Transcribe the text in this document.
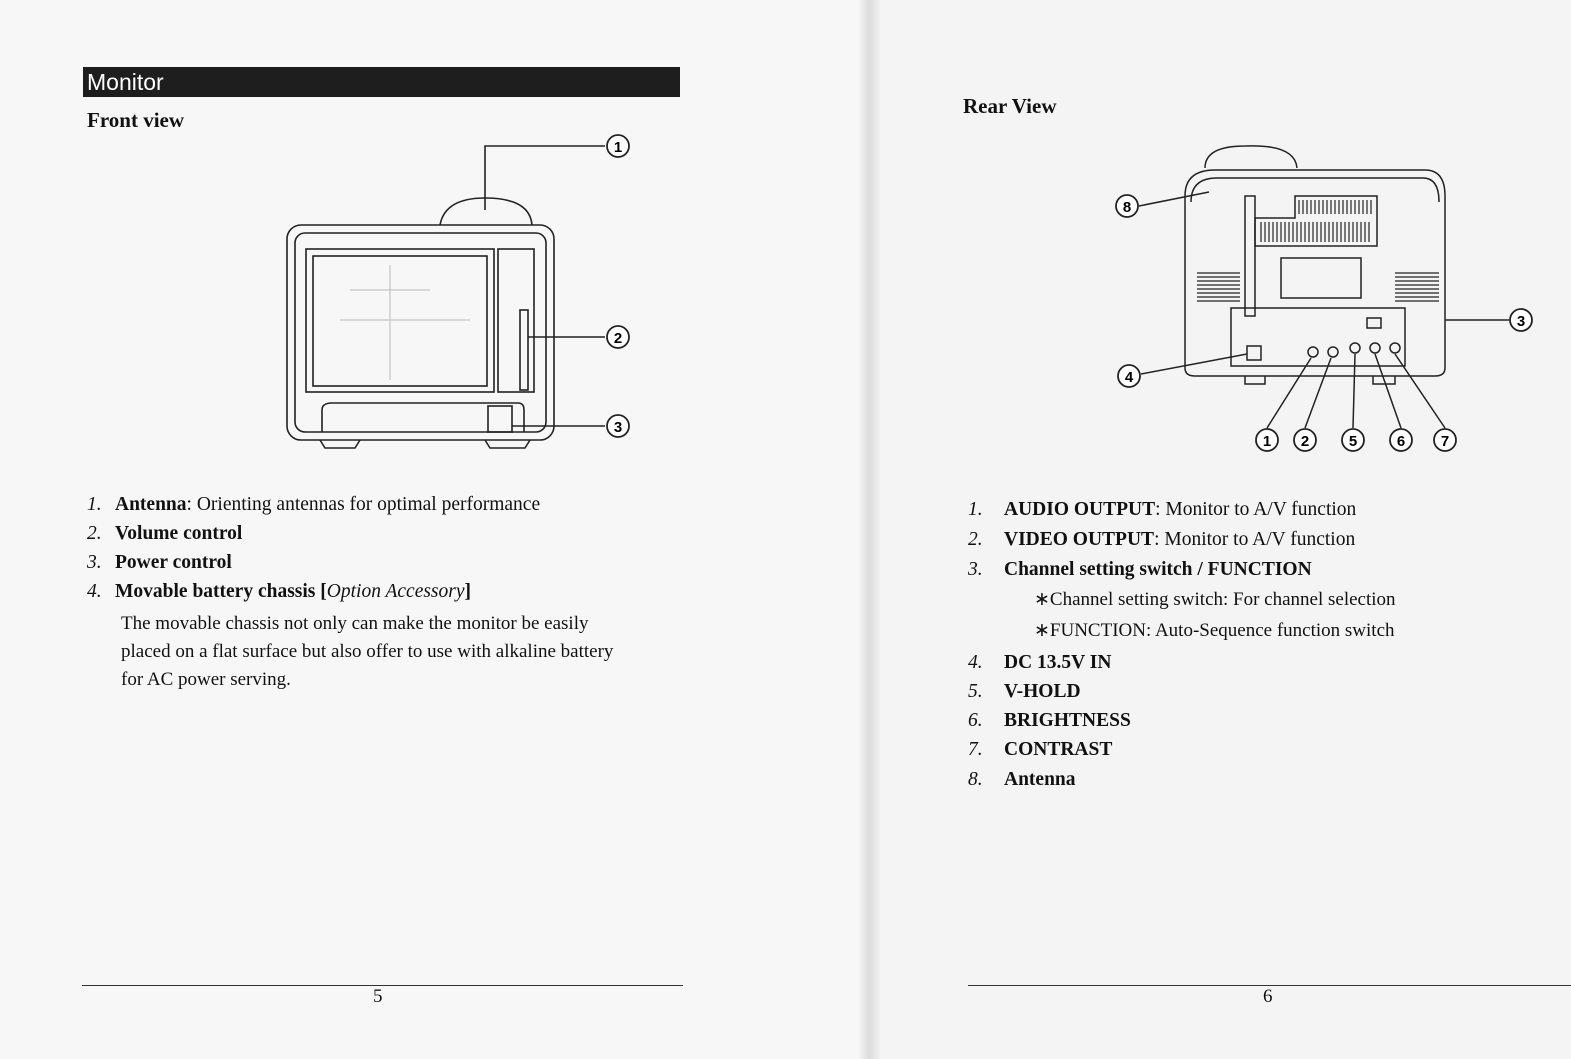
Monitor
Front view
1
2
3
1. Antenna: Orienting antennas for optimal performance
2. Volume control
3. Power control
4. Movable battery chassis [Option Accessory]
The movable chassis not only can make the monitor be easily
placed on a flat surface but also offer to use with alkaline battery
for AC power serving.
5
Rear View
8
3
4
1 2	5	6 7
1. AUDIO OUTPUT: Monitor to A/V function
2. VIDEO OUTPUT: Monitor to A/V function
3. Channel setting switch / FUNCTION
4. DC 13.5V IN
5. V-HOLD
6. BRIGHTNESS
7. CONTRAST
8. Antenna
∗Channel setting switch: For channel selection
∗FUNCTION: Auto-Sequence function switch
6
